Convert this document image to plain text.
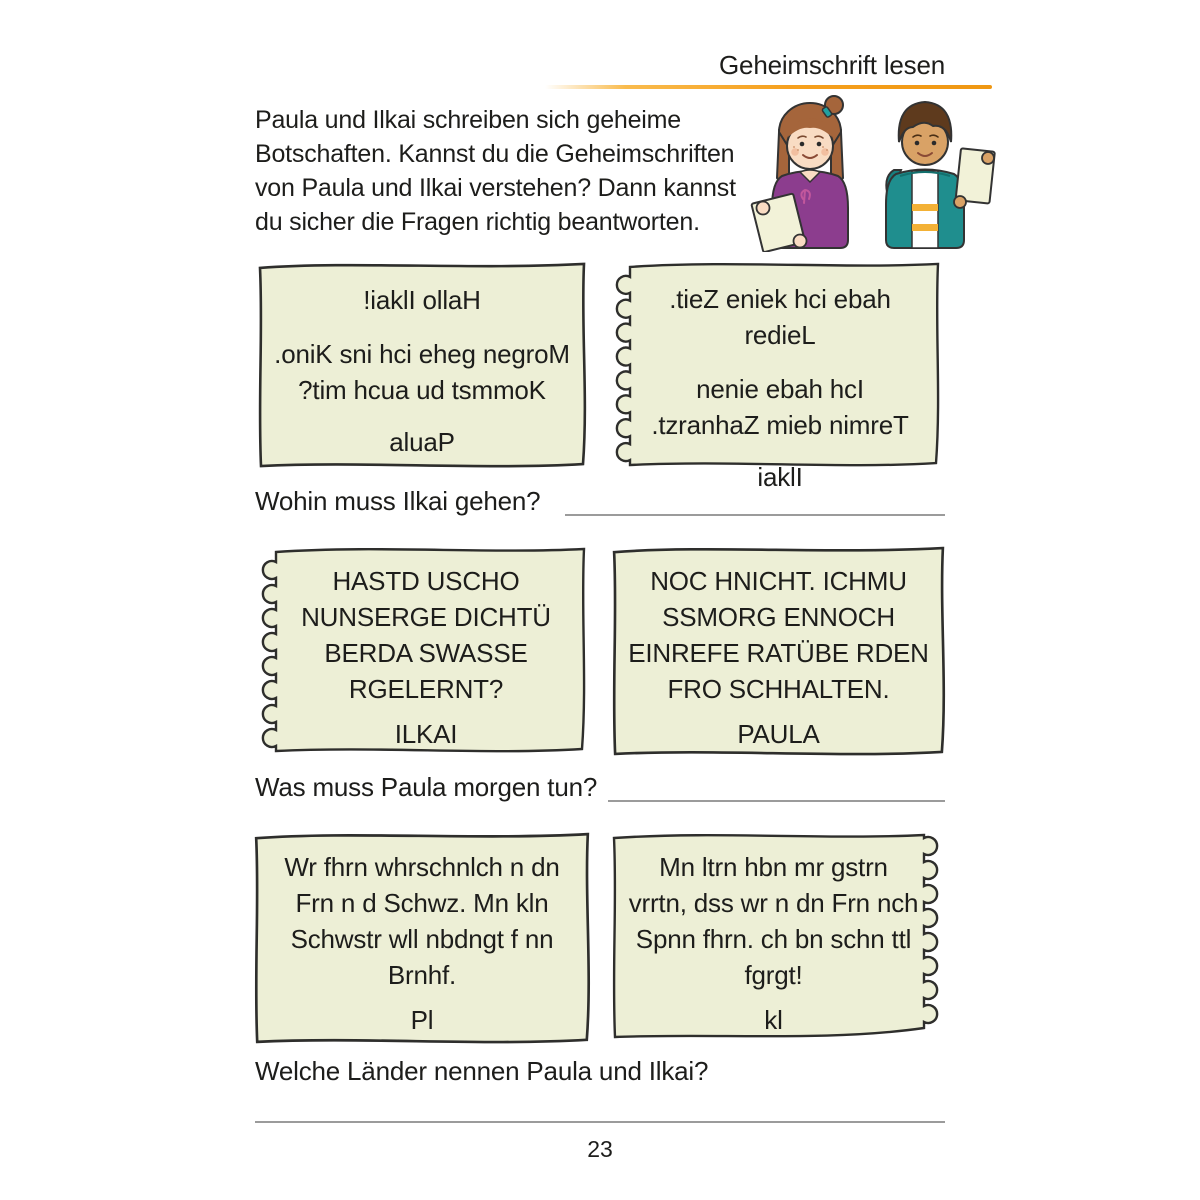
Geheimschrift lesen
Paula und Ilkai schreiben sich geheime
Botschaften. Kannst du die Geheimschriften
von Paula und Ilkai verstehen? Dann kannst
du sicher die Fragen richtig beantworten.
!iaklI ollaH
.oniK sni hci eheg negroM
?tim hcua ud tsmmoK
aluaP
.tieZ eniek hci ebah redieL
nenie ebah hcI
.tzranhaZ mieb nimreT
iaklI
Wohin muss Ilkai gehen?
HASTD USCHO
NUNSERGE DICHTÜ
BERDA SWASSE
RGELERNT?
ILKAI
NOC HNICHT. ICHMU
SSMORG ENNOCH
EINREFE RATÜBE RDEN
FRO SCHHALTEN.
PAULA
Was muss Paula morgen tun?
Wr fhrn whrschnlch n dn
Frn n d Schwz. Mn kln
Schwstr wll nbdngt f nn
Brnhf.
Pl
Mn ltrn hbn mr gstrn
vrrtn, dss wr n dn Frn nch
Spnn fhrn. ch bn schn ttl
fgrgt!
kl
Welche Länder nennen Paula und Ilkai?
23
